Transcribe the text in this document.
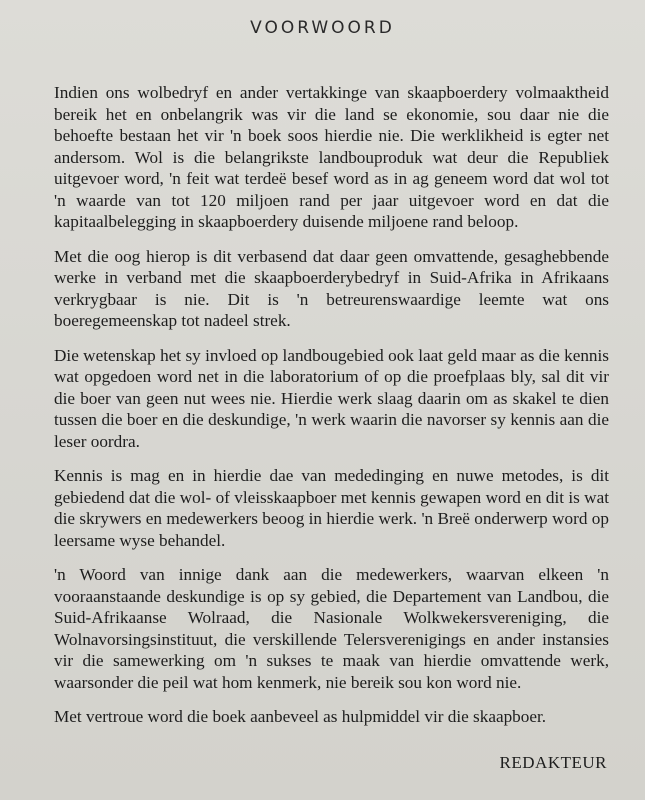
VOORWOORD

Indien ons wolbedryf en ander vertakkinge van skaapboerdery volmaaktheid bereik het en onbelangrik was vir die land se ekonomie, sou daar nie die behoefte bestaan het vir 'n boek soos hierdie nie. Die werklikheid is egter net andersom. Wol is die belangrikste landbouproduk wat deur die Republiek uitgevoer word, 'n feit wat terdeë besef word as in ag geneem word dat wol tot 'n waarde van tot 120 miljoen rand per jaar uitgevoer word en dat die kapitaalbelegging in skaapboerdery duisende miljoene rand beloop.

Met die oog hierop is dit verbasend dat daar geen omvattende, gesaghebbende werke in verband met die skaapboerderybedryf in Suid-Afrika in Afrikaans verkrygbaar is nie. Dit is 'n betreurenswaardige leemte wat ons boeregemeenskap tot nadeel strek.

Die wetenskap het sy invloed op landbougebied ook laat geld maar as die kennis wat opgedoen word net in die laboratorium of op die proefplaas bly, sal dit vir die boer van geen nut wees nie. Hierdie werk slaag daarin om as skakel te dien tussen die boer en die deskundige, 'n werk waarin die navorser sy kennis aan die leser oordra.

Kennis is mag en in hierdie dae van mededinging en nuwe metodes, is dit gebiedend dat die wol- of vleisskaapboer met kennis gewapen word en dit is wat die skrywers en medewerkers beoog in hierdie werk. 'n Breë onderwerp word op leersame wyse behandel.

'n Woord van innige dank aan die medewerkers, waarvan elkeen 'n vooraanstaande deskundige is op sy gebied, die Departement van Landbou, die Suid-Afrikaanse Wolraad, die Nasionale Wolkwekersvereniging, die Wolnavorsingsinstituut, die verskillende Telersverenigings en ander instansies vir die samewerking om 'n sukses te maak van hierdie omvattende werk, waarsonder die peil wat hom kenmerk, nie bereik sou kon word nie.

Met vertroue word die boek aanbeveel as hulpmiddel vir die skaapboer.

REDAKTEUR
